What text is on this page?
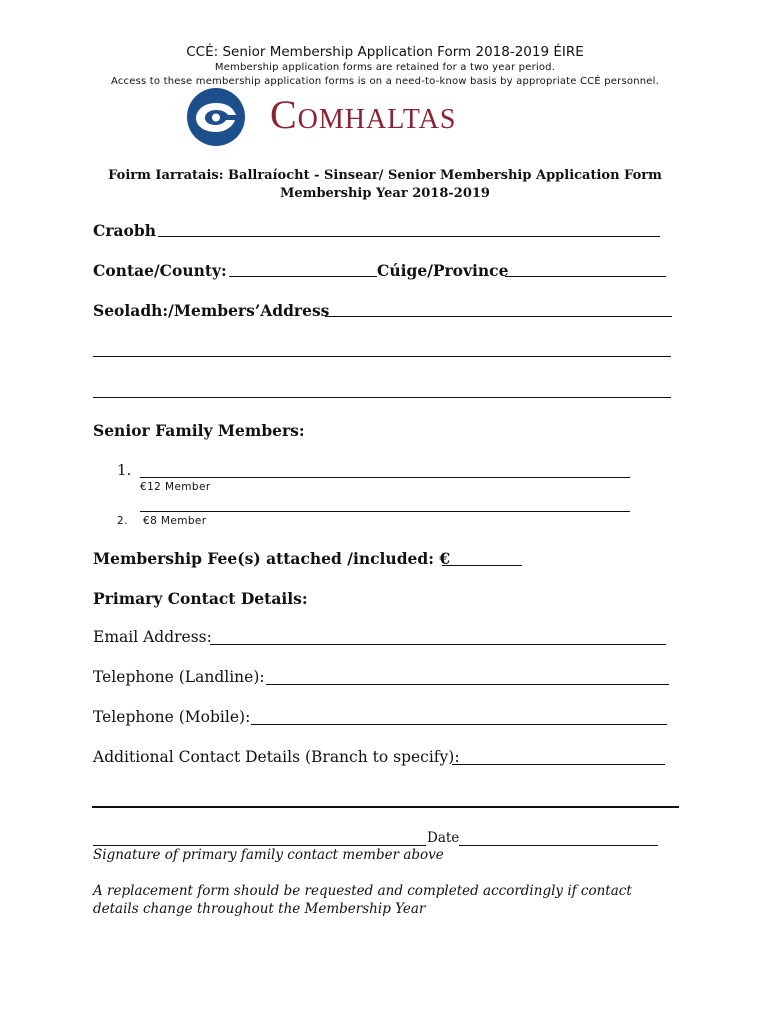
CCÉ: Senior Membership Application Form 2018-2019 ÉIRE
Membership application forms are retained for a two year period.
Access to these membership application forms is on a need-to-know basis by appropriate CCÉ personnel.
Comhaltas
Foirm Iarratais: Ballraíocht - Sinsear/ Senior Membership Application Form
Membership Year 2018-2019
Craobh
Contae/County:	Cúige/Province
Seoladh:/Members’Address
Senior Family Members:
1.
€12 Member
2. €8 Member
Membership Fee(s) attached /included: €
Primary Contact Details:
Email Address:
Telephone (Landline):
Telephone (Mobile):
Additional Contact Details (Branch to specify):
Date
Signature of primary family contact member above
A replacement form should be requested and completed accordingly if contact details change throughout the Membership Year
